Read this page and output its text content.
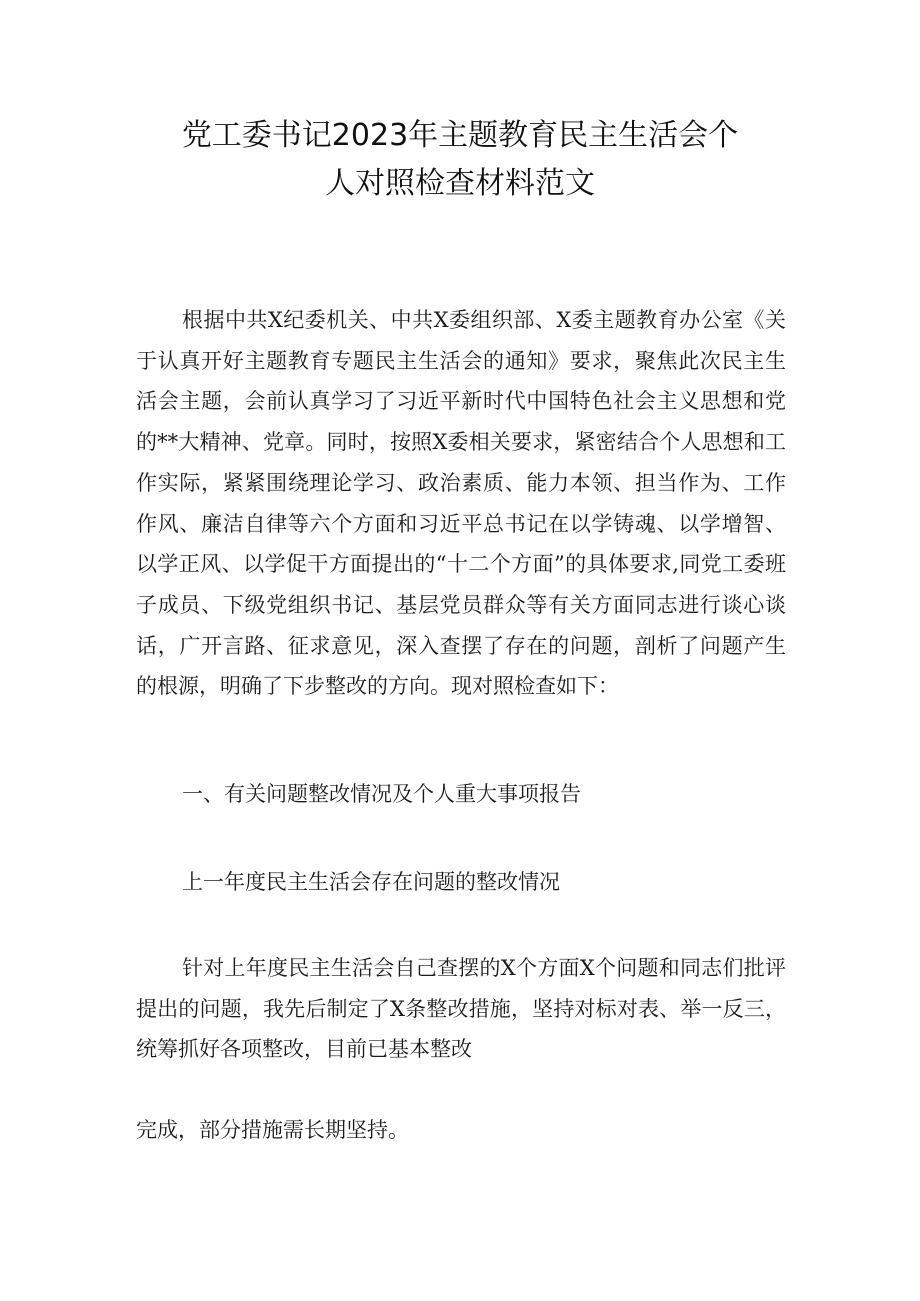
党工委书记2023年主题教育民主生活会个
人对照检查材料范文

根据中共X纪委机关、中共X委组织部、X委主题教育办公室《关于认真开好主题教育专题民主生活会的通知》要求，聚焦此次民主生活会主题，会前认真学习了习近平新时代中国特色社会主义思想和党的**大精神、党章。同时，按照X委相关要求，紧密结合个人思想和工作实际，紧紧围绕理论学习、政治素质、能力本领、担当作为、工作作风、廉洁自律等六个方面和习近平总书记在以学铸魂、以学增智、以学正风、以学促干方面提出的“十二个方面”的具体要求,同党工委班子成员、下级党组织书记、基层党员群众等有关方面同志进行谈心谈话，广开言路、征求意见，深入查摆了存在的问题，剖析了问题产生的根源，明确了下步整改的方向。现对照检查如下：

一、有关问题整改情况及个人重大事项报告

上一年度民主生活会存在问题的整改情况

针对上年度民主生活会自己查摆的X个方面X个问题和同志们批评提出的问题，我先后制定了X条整改措施，坚持对标对表、举一反三，统筹抓好各项整改，目前已基本整改

完成，部分措施需长期坚持。
